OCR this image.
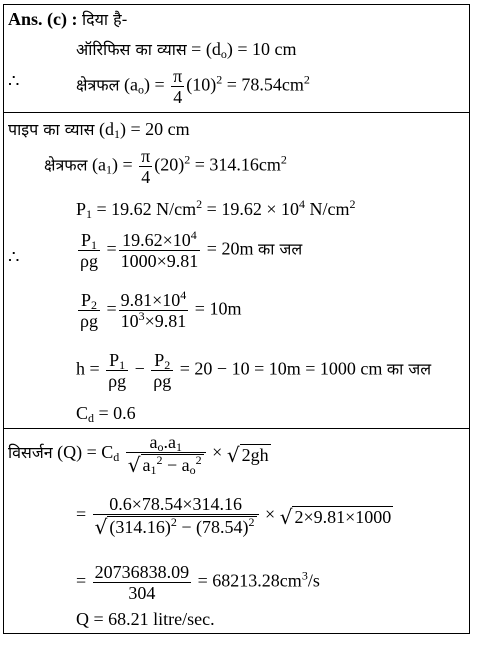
Ans. (c) : दिया है-
ऑरिफिस का व्यास = $(d_o) = 10$ cm
∴	क्षेत्रफल $(a_o) = \frac{\pi}{4} (10)^2 = 78.54cm^2$
पाइप का व्यास $(d_1) = 20$ cm
क्षेत्रफल $(a_1) = \frac{\pi}{4} (20)^2 = 314.16cm^2$
$P_1 = 19.62$ $N/cm^2 = 19.62 \times 10^4$ $N/cm^2$
∴	$\frac{P_1}{\rho g} = \frac{19.62\times 10^4}{1000\times 9.81} = 20m$ का जल
$\frac{P_2}{\rho g} = \frac{9.81\times 10^4}{10^3\times 9.81} = 10m$
$h = \frac{P_1}{\rho g} - \frac{P_2}{\rho g} = 20 - 10 = 10m = 1000$ cm का जल
$C_d = 0.6$
विसर्जन $(Q) = C_d \frac{a_o.a_1}{√ a_1^2 - a_o^2}$ × √ 2gh
= $\frac{0.6\times 78.54\times 314.16}{√ (314.16)^2 - (78.54)^2}$ × √ 2×9.81×1000
= $\frac{20736838.09}{304} = 68213.28cm^3/s$
Q = 68.21 litre/sec.
